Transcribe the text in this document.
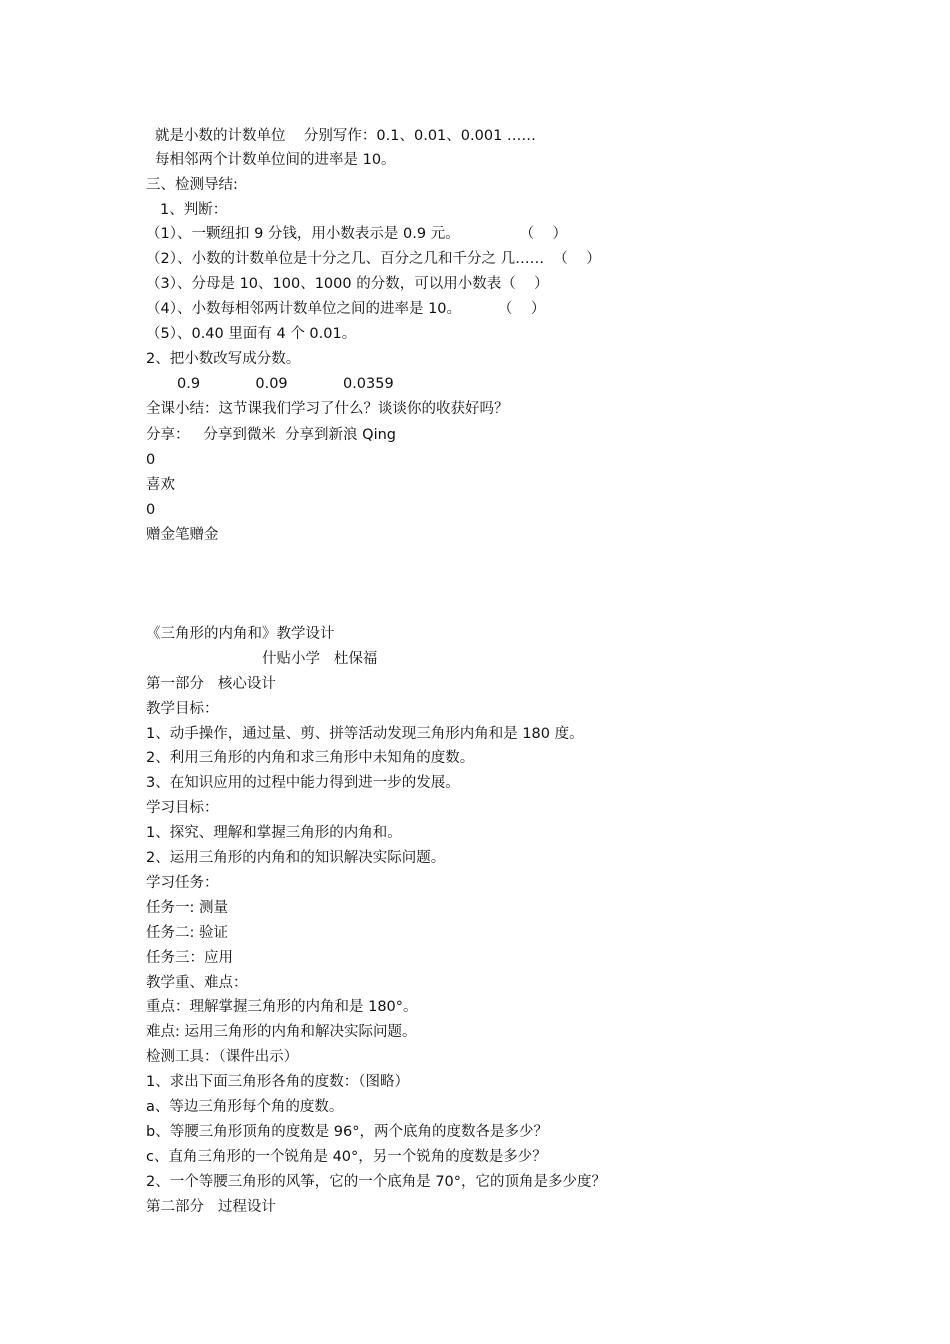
就是小数的计数单位    分别写作：0.1、0.01、0.001 ……
每相邻两个计数单位间的进率是 10。
三、检测导结:
1、判断：
（1）、一颗纽扣 9 分钱，用小数表示是 0.9 元。             （    ）
（2）、小数的计数单位是十分之几、百分之几和千分之 几……  （    ）
（3）、分母是 10、100、1000 的分数，可以用小数表（    ）
（4）、小数每相邻两计数单位之间的进率是 10。        （    ）
（5）、0.40 里面有 4 个 0.01。
2、把小数改写成分数。
0.9            0.09            0.0359
全课小结：这节课我们学习了什么？谈谈你的收获好吗？
分享：   分享到微米  分享到新浪 Qing
0
喜欢
0
赠金笔赠金
《三角形的内角和》教学设计
什贴小学   杜保福
第一部分   核心设计
教学目标：
1、动手操作，通过量、剪、拼等活动发现三角形内角和是 180 度。
2、利用三角形的内角和求三角形中未知角的度数。
3、在知识应用的过程中能力得到进一步的发展。
学习目标：
1、探究、理解和掌握三角形的内角和。
2、运用三角形的内角和的知识解决实际问题。
学习任务：
任务一: 测量
任务二: 验证
任务三：应用
教学重、难点：
重点：理解掌握三角形的内角和是 180°。
难点: 运用三角形的内角和解决实际问题。
检测工具：（课件出示）
1、求出下面三角形各角的度数：（图略）
a、等边三角形每个角的度数。
b、等腰三角形顶角的度数是 96°，两个底角的度数各是多少？
c、直角三角形的一个锐角是 40°，另一个锐角的度数是多少？
2、一个等腰三角形的风筝，它的一个底角是 70°，它的顶角是多少度？
第二部分   过程设计
